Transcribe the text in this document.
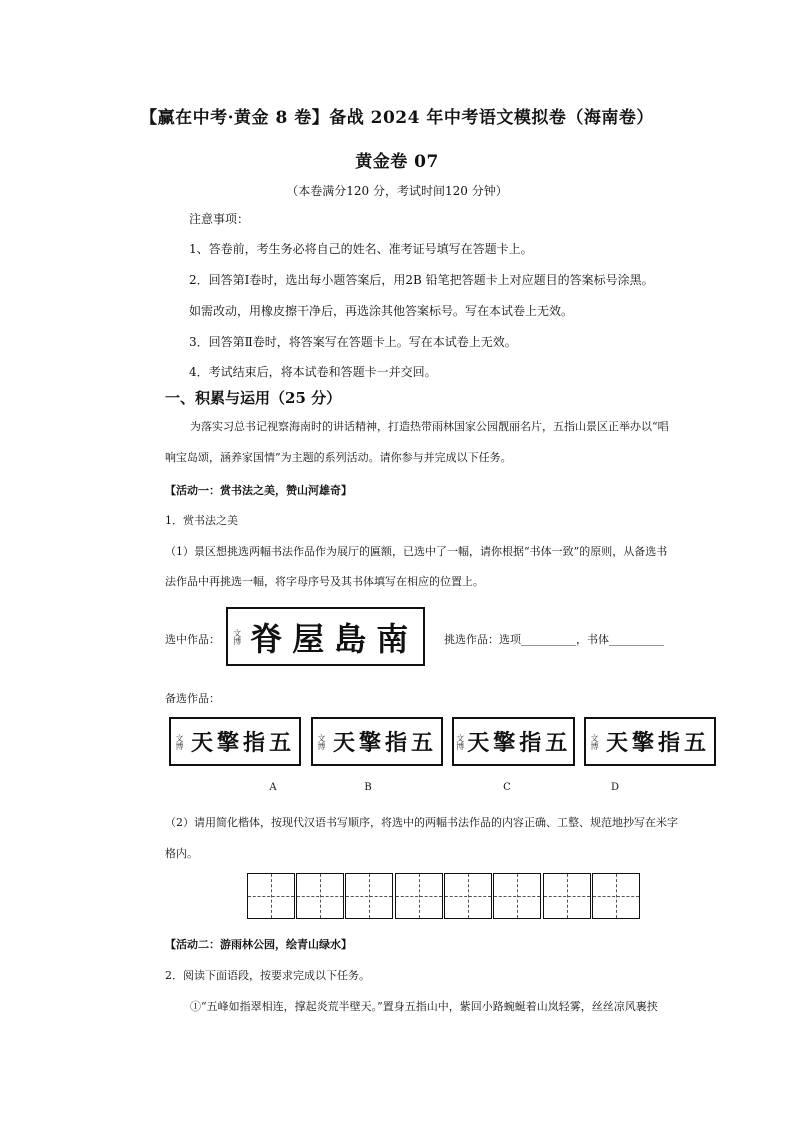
【赢在中考·黄金 8 卷】备战 2024 年中考语文模拟卷（海南卷）
黄金卷 07
（本卷满分120 分，考试时间120 分钟）
注意事项：
1、答卷前，考生务必将自己的姓名、准考证号填写在答题卡上。
2．回答第Ⅰ卷时，选出每小题答案后，用2B 铅笔把答题卡上对应题目的答案标号涂黑。
如需改动，用橡皮擦干净后，再选涂其他答案标号。写在本试卷上无效。
3．回答第Ⅱ卷时，将答案写在答题卡上。写在本试卷上无效。
4．考试结束后，将本试卷和答题卡一并交回。
一、积累与运用（25 分）
为落实习总书记视察海南时的讲话精神，打造热带雨林国家公园靓丽名片，五指山景区正举办以“唱
响宝岛颂，涵养家国情”为主题的系列活动。请你参与并完成以下任务。
【活动一：赏书法之美，赞山河雄奇】
1．赏书法之美
（1）景区想挑选两幅书法作品作为展厅的匾额，已选中了一幅，请你根据“书体一致”的原则，从备选书
法作品中再挑选一幅，将字母序号及其书体填写在相应的位置上。
选中作品： 文博 脊屋島南 挑选作品：选项__________，书体__________
备选作品：
文博 天擎指五	文博 天擎指五 文博 天擎指五 文博 天擎指五
A	B	C	D
（2）请用简化楷体，按现代汉语书写顺序，将选中的两幅书法作品的内容正确、工整、规范地抄写在米字
格内。
【活动二：游雨林公园，绘青山绿水】
2．阅读下面语段，按要求完成以下任务。
①“五峰如指翠相连，撑起炎荒半壁天。”置身五指山中，紫回小路蜿蜒着山岚轻雾，丝丝凉风裹挟
